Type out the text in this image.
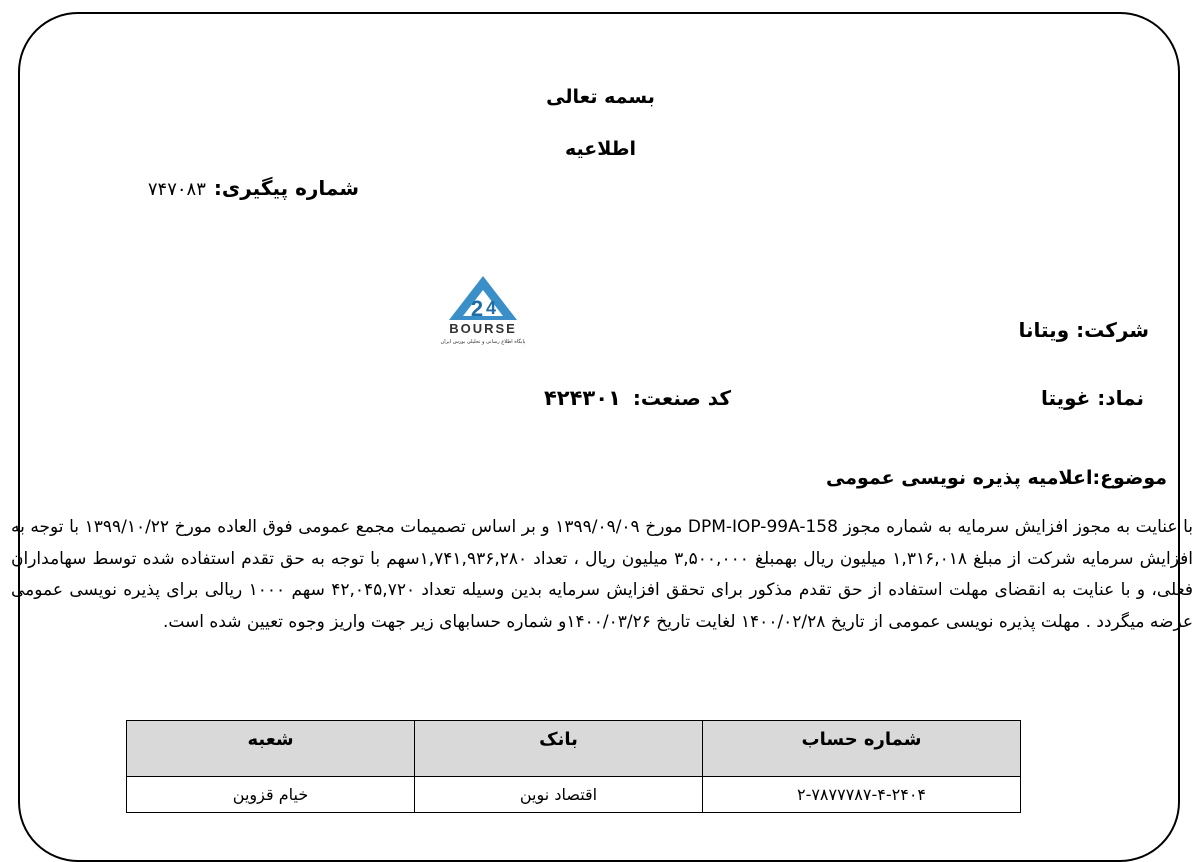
بسمه تعالی
اطلاعیه
شماره پیگیری:۷۴۷۰۸۳
2 4
BOURSE
پایگاه اطلاع رسانی و تحلیلی بورس ایران	شرکت: ویتانا
نماد: غویتا
کد صنعت:۴۲۴۳۰۱
موضوع:اعلامیه پذیره نویسی عمومی
با عنایت به مجوز افزایش سرمایه به شماره مجوز DPM-IOP-99A-158 مورخ ۱۳۹۹/۰۹/۰۹ و بر اساس تصمیمات مجمع عمومی فوق العاده مورخ ۱۳۹۹/۱۰/۲۲ با توجه به افزایش سرمایه شرکت از مبلغ ۱,۳۱۶,۰۱۸ میلیون ریال بهمبلغ ۳,۵۰۰,۰۰۰ میلیون ریال ، تعداد ۱,۷۴۱,۹۳۶,۲۸۰سهم با توجه به حق تقدم استفاده شده توسط سهامداران فعلی، و با عنایت به انقضای مهلت استفاده از حق تقدم مذکور برای تحقق افزایش سرمایه بدین وسیله تعداد ۴۲,۰۴۵,۷۲۰ سهم ۱۰۰۰ ریالی برای پذیره نویسی عمومی عرضه میگردد . مهلت پذیره نویسی عمومی از تاریخ ۱۴۰۰/۰۲/۲۸ لغایت تاریخ ۱۴۰۰/۰۳/۲۶و شماره حسابهای زیر جهت واریز وجوه تعیین شده است.
شماره حساب	بانک	شعبه
۲-۷۸۷۷۷۸۷-۴-۲۴۰۴	اقتصاد نوین	خیام قزوین
